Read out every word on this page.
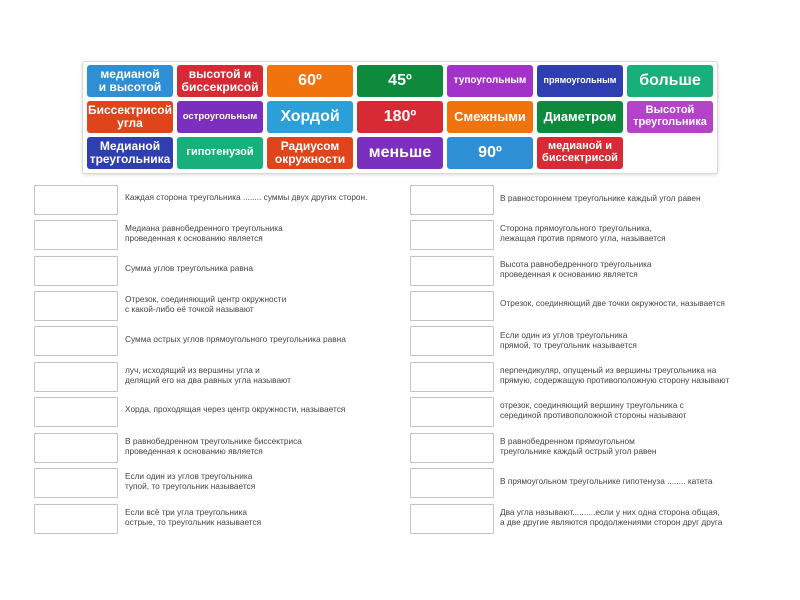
медианой
и высотой
высотой и
биссекрисой 60º	45º	тупоугольным прямоугольным больше
Биссектрисой
угла	остроугольным Хордой	180º	Смежными Диаметром	Высотой
треугольника
Медианой
треугольника гипотенузой	Радиусом
окружности меньше	90º	медианой и
биссектрисой
Каждая сторона треугольника ........ суммы двух других сторон.
Медиана равнобедренного треугольника
проведенная к основанию является
Сумма углов треугольника равна
Отрезок, соединяющий центр окружности
с какой-либо её точкой называют
Сумма острых углов прямоугольного треугольника равна
луч, исходящий из вершины угла и
делящий его на два равных угла называют
Хорда, проходящая через центр окружности, называется
В равнобедренном треугольнике биссектриса
проведенная к основанию является
Если один из углов треугольника
тупой, то треугольник называется
Если всё три угла треугольника
острые, то треугольник называется
В равностороннем треугольнике каждый угол равен
Сторона прямоугольного треугольника,
лежащая против прямого угла, называется
Высота равнобедренного треугольника
проведенная к основанию является
Отрезок, соединяющий две точки окружности, называется
Если один из углов треугольника
прямой, то треугольник называется
перпендикуляр, опущеный из вершины треугольника на
прямую, содержащую противоположную сторону называют
отрезок, соединяющий вершину треугольника с
серединой противоположной стороны называют
В равнобедренном прямоугольном
треугольнике каждый острый угол равен
В прямоугольном треугольнике гипотенуза ........ катета
Два угла называют..........если у них одна сторона общая,
а две другие являются продолжениями сторон друг друга
